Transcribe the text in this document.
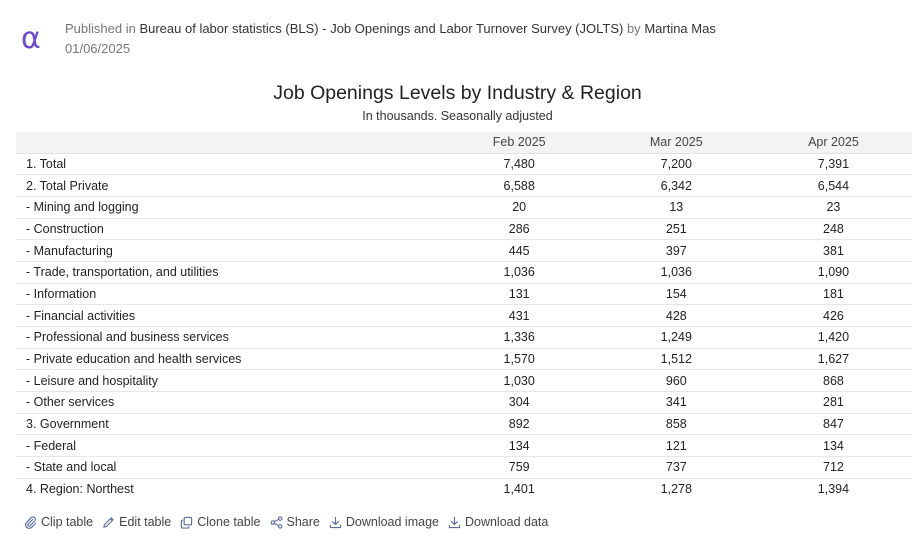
α Published in Bureau of labor statistics (BLS) - Job Openings and Labor Turnover Survey (JOLTS) by Martina Mas
01/06/2025
Job Openings Levels by Industry & Region
In thousands. Seasonally adjusted
	Feb 2025	Mar 2025	Apr 2025
1. Total	7,480	7,200	7,391
2. Total Private	6,588	6,342	6,544
- Mining and logging	20	13	23
- Construction	286	251	248
- Manufacturing	445	397	381
- Trade, transportation, and utilities	1,036	1,036	1,090
- Information	131	154	181
- Financial activities	431	428	426
- Professional and business services	1,336	1,249	1,420
- Private education and health services	1,570	1,512	1,627
- Leisure and hospitality	1,030	960	868
- Other services	304	341	281
3. Government	892	858	847
- Federal	134	121	134
- State and local	759	737	712
4. Region: Northest	1,401	1,278	1,394
Clip table Edit table Clone table Share Download image Download data
